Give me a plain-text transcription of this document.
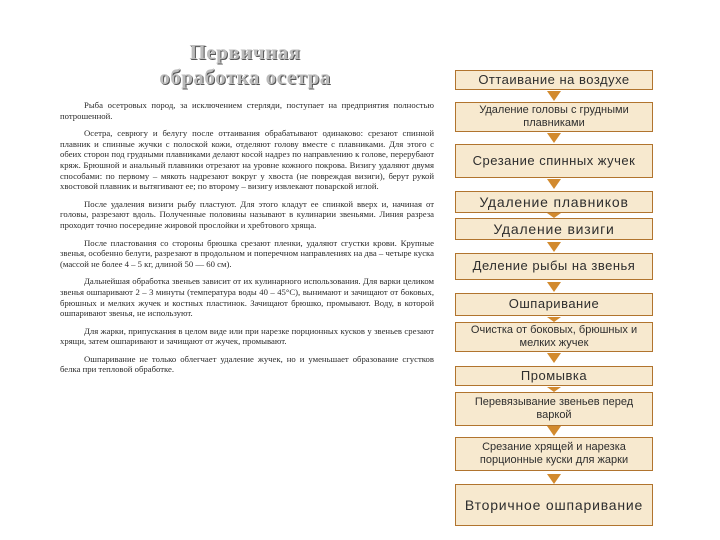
Первичная
обработка осетра

Рыба осетровых пород, за исключением стерляди, поступает на предприятия полностью потрошенной.

Осетра, севрюгу и белугу после оттаивания обрабатывают одинаково: срезают спинной плавник и спинные жучки с полоской кожи, отделяют голову вместе с плавниками. Для этого с обеих сторон под грудными плавниками делают косой надрез по направлению к голове, перерубают кряж. Брюшной и анальный плавники отрезают на уровне кожного покрова. Визигу удаляют двумя способами: по первому – мякоть надрезают вокруг у хвоста (не повреждая визиги), берут рукой хвостовой плавник и вытягивают ее; по второму – визигу извлекают поварской иглой.

После удаления визиги рыбу пластуют. Для этого кладут ее спинкой вверх и, начиная от головы, разрезают вдоль. Полученные половины называют в кулинарии звеньями. Линия разреза проходит точно посередине жировой прослойки и хребтового хряща.

После пластования со стороны брюшка срезают пленки, удаляют сгустки крови. Крупные звенья, особенно белуги, разрезают в продольном и поперечном направлениях на два – четыре куска (массой не более 4 – 5 кг, длиной 50 — 60 см).

Дальнейшая обработка звеньев зависит от их кулинарного использования. Для варки целиком звенья ошпаривают 2 – 3 минуты (температура воды 40 – 45°С), вынимают и зачищают от боковых, брюшных и мелких жучек и костных пластинок. Зачищают брюшко, промывают. Воду, в которой ошпаривают звенья, не используют.

Для жарки, припускания в целом виде или при нарезке порционных кусков у звеньев срезают хрящи, затем ошпаривают и зачищают от жучек, промывают.

Ошпаривание не только облегчает удаление жучек, но и уменьшает образование сгустков белка при тепловой обработке.

Оттаивание на воздухе
Удаление головы с грудными плавниками
Срезание спинных жучек
Удаление плавников
Удаление визиги
Деление рыбы на звенья
Ошпаривание
Очистка от боковых, брюшных и мелких жучек
Промывка
Перевязывание звеньев перед варкой
Срезание хрящей и нарезка порционные куски для жарки
Вторичное ошпаривание
